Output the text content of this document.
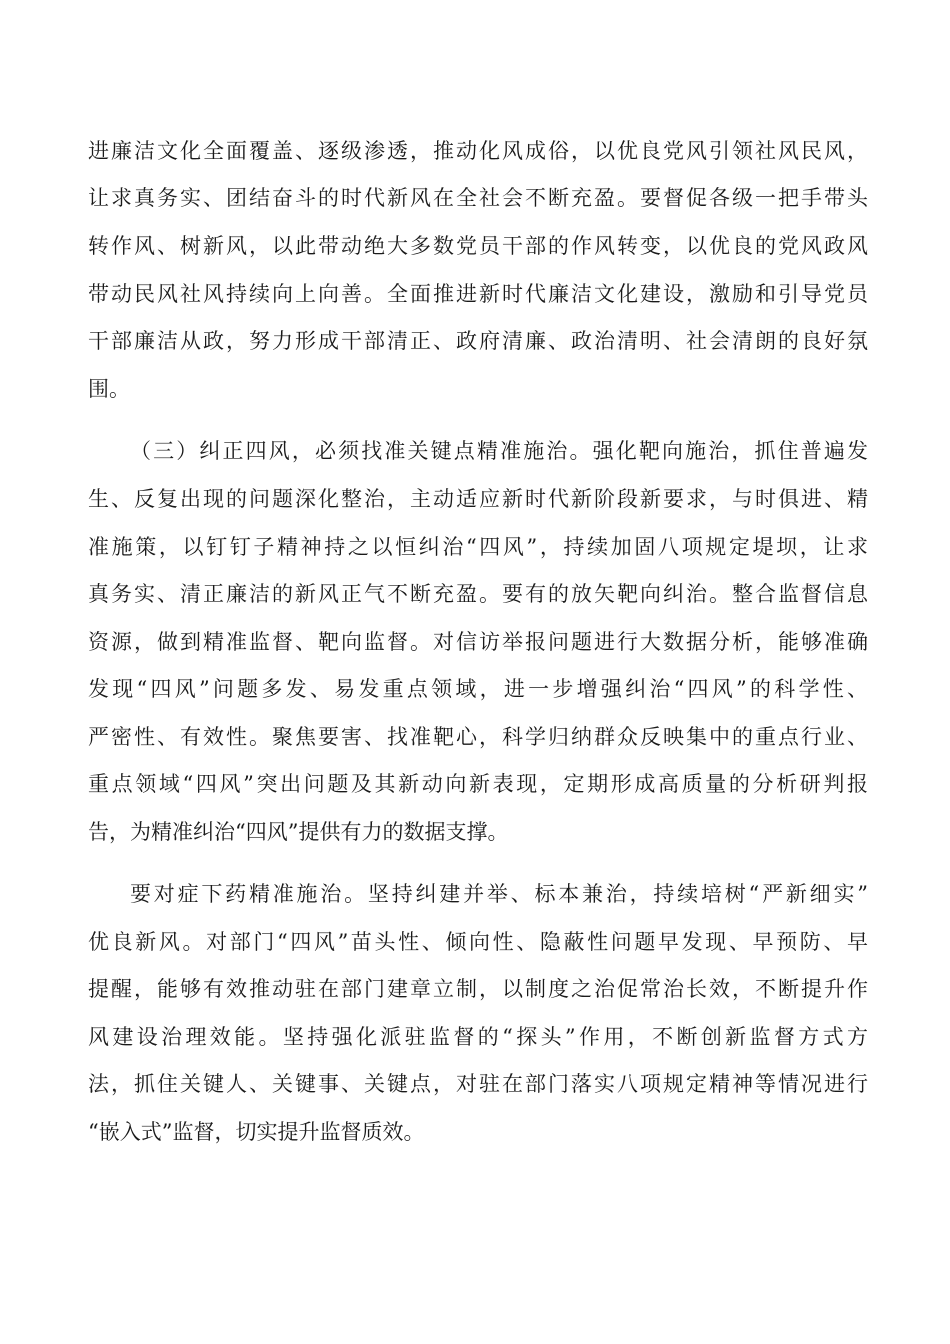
进廉洁文化全面覆盖、逐级渗透，推动化风成俗，以优良党风引领社风民风，

让求真务实、团结奋斗的时代新风在全社会不断充盈。要督促各级一把手带头

转作风、树新风，以此带动绝大多数党员干部的作风转变，以优良的党风政风

带动民风社风持续向上向善。全面推进新时代廉洁文化建设，激励和引导党员

干部廉洁从政，努力形成干部清正、政府清廉、政治清明、社会清朗的良好氛

围。

（三）纠正四风，必须找准关键点精准施治。强化靶向施治，抓住普遍发

生、反复出现的问题深化整治，主动适应新时代新阶段新要求，与时俱进、精

准施策，以钉钉子精神持之以恒纠治“四风”，持续加固八项规定堤坝，让求

真务实、清正廉洁的新风正气不断充盈。要有的放矢靶向纠治。整合监督信息

资源，做到精准监督、靶向监督。对信访举报问题进行大数据分析，能够准确

发现“四风”问题多发、易发重点领域，进一步增强纠治“四风”的科学性、

严密性、有效性。聚焦要害、找准靶心，科学归纳群众反映集中的重点行业、

重点领域“四风”突出问题及其新动向新表现，定期形成高质量的分析研判报

告，为精准纠治“四风”提供有力的数据支撑。

要对症下药精准施治。坚持纠建并举、标本兼治，持续培树“严新细实”

优良新风。对部门“四风”苗头性、倾向性、隐蔽性问题早发现、早预防、早

提醒，能够有效推动驻在部门建章立制，以制度之治促常治长效，不断提升作

风建设治理效能。坚持强化派驻监督的“探头”作用，不断创新监督方式方

法，抓住关键人、关键事、关键点，对驻在部门落实八项规定精神等情况进行

“嵌入式”监督，切实提升监督质效。
